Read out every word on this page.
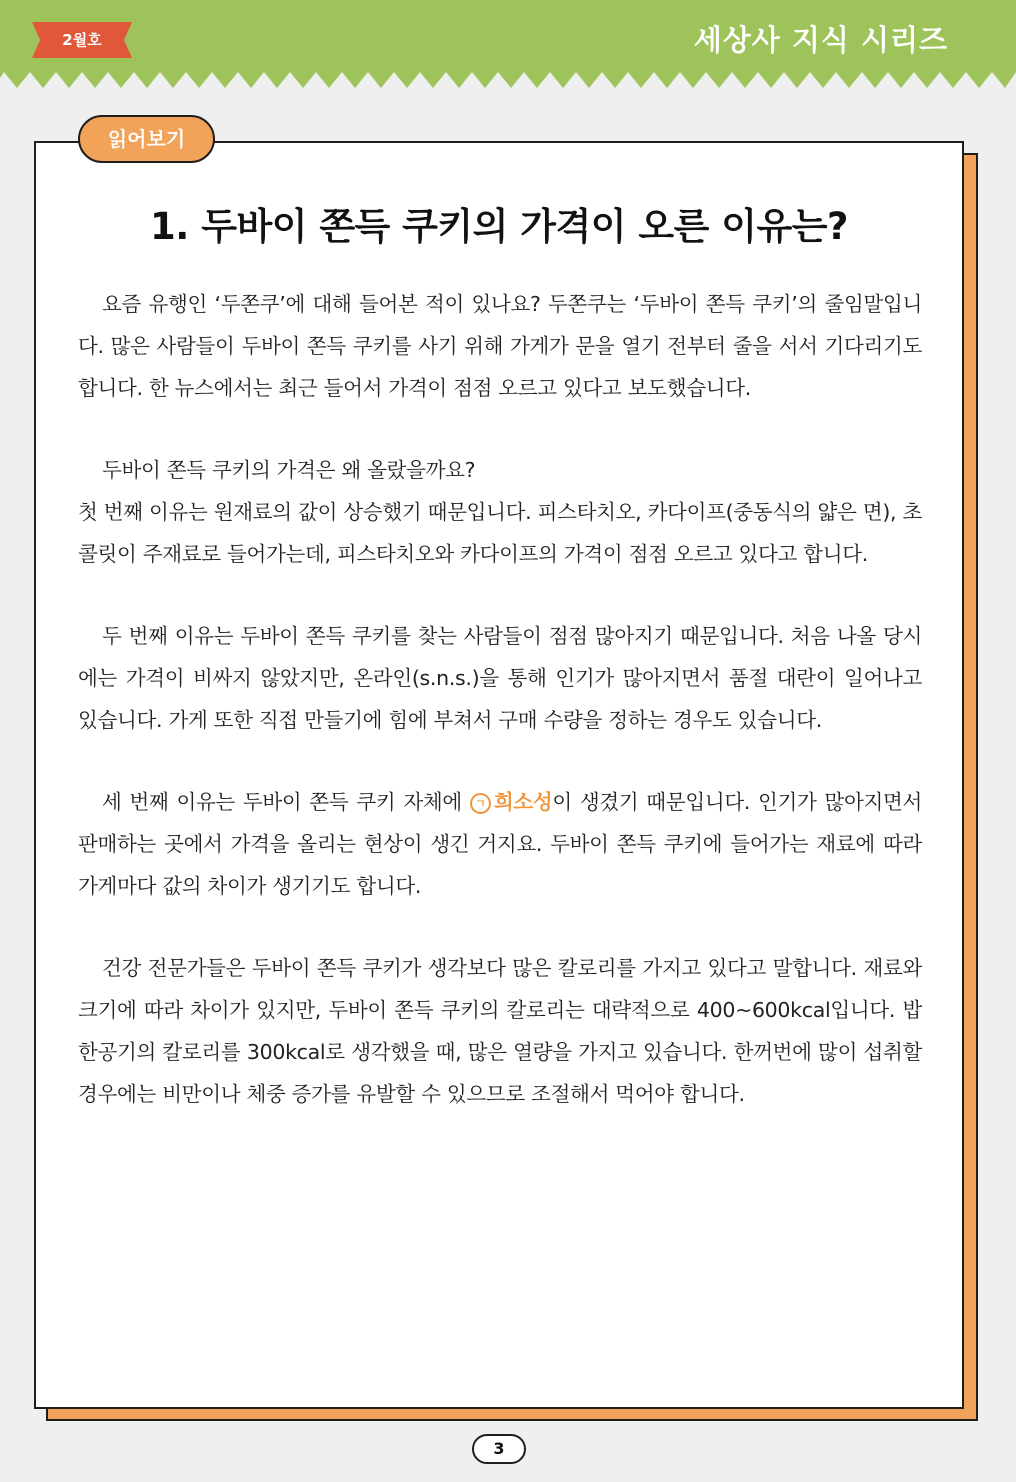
2월호	세상사 지식 시리즈
읽어보기
1. 두바이 쫀득 쿠키의 가격이 오른 이유는?

요즘 유행인 ‘두쫀쿠’에 대해 들어본 적이 있나요? 두쫀쿠는 ‘두바이 쫀득 쿠키’의 줄임말입니다. 많은 사람들이 두바이 쫀득 쿠키를 사기 위해 가게가 문을 열기 전부터 줄을 서서 기다리기도 합니다. 한 뉴스에서는 최근 들어서 가격이 점점 오르고 있다고 보도했습니다.

두바이 쫀득 쿠키의 가격은 왜 올랐을까요?

첫 번째 이유는 원재료의 값이 상승했기 때문입니다. 피스타치오, 카다이프(중동식의 얇은 면), 초콜릿이 주재료로 들어가는데, 피스타치오와 카다이프의 가격이 점점 오르고 있다고 합니다.

두 번째 이유는 두바이 쫀득 쿠키를 찾는 사람들이 점점 많아지기 때문입니다. 처음 나올 당시에는 가격이 비싸지 않았지만, 온라인(s.n.s.)을 통해 인기가 많아지면서 품절 대란이 일어나고 있습니다. 가게 또한 직접 만들기에 힘에 부쳐서 구매 수량을 정하는 경우도 있습니다.

세 번째 이유는 두바이 쫀득 쿠키 자체에 ㄱ 희소성이 생겼기 때문입니다. 인기가 많아지면서 판매하는 곳에서 가격을 올리는 현상이 생긴 거지요. 두바이 쫀득 쿠키에 들어가는 재료에 따라 가게마다 값의 차이가 생기기도 합니다.

건강 전문가들은 두바이 쫀득 쿠키가 생각보다 많은 칼로리를 가지고 있다고 말합니다. 재료와 크기에 따라 차이가 있지만, 두바이 쫀득 쿠키의 칼로리는 대략적으로 400~600kcal입니다. 밥 한공기의 칼로리를 300kcal로 생각했을 때, 많은 열량을 가지고 있습니다. 한꺼번에 많이 섭취할 경우에는 비만이나 체중 증가를 유발할 수 있으므로 조절해서 먹어야 합니다.

3
